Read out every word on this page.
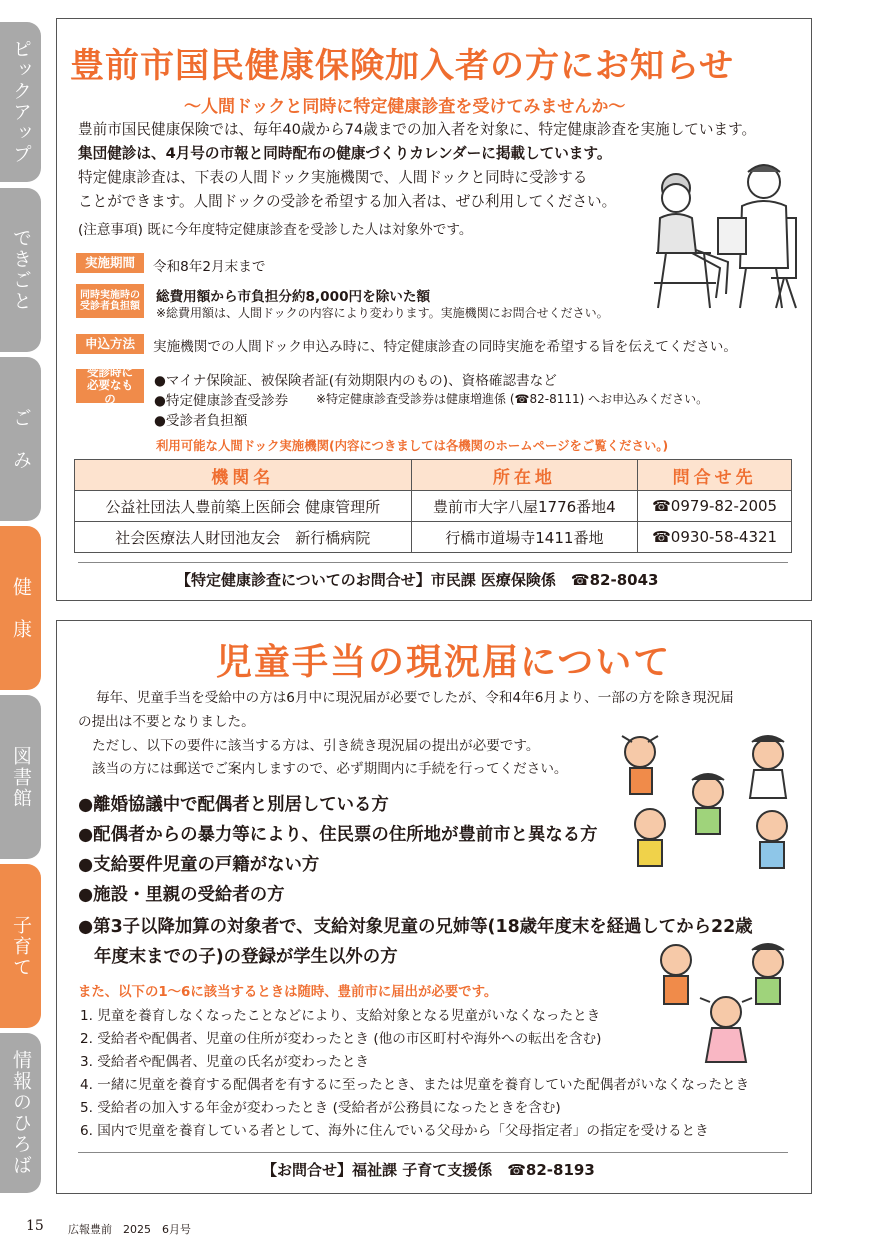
ピックアップ
できごと
ご　み
健　康
図書館
子育て
情報のひろば
豊前市国民健康保険加入者の方にお知らせ
～人間ドックと同時に特定健康診査を受けてみませんか～
豊前市国民健康保険では、毎年40歳から74歳までの加入者を対象に、特定健康診査を実施しています。
集団健診は、4月号の市報と同時配布の健康づくりカレンダーに掲載しています。
特定健康診査は、下表の人間ドック実施機関で、人間ドックと同時に受診する
ことができます。人間ドックの受診を希望する加入者は、ぜひ利用してください。
(注意事項) 既に今年度特定健康診査を受診した人は対象外です。
実施期間	令和8年2月末まで
同時実施時の受診者負担額
総費用額から市負担分約8,000円を除いた額
※総費用額は、人間ドックの内容により変わります。実施機関にお問合せください。
申込方法	実施機関での人間ドック申込み時に、特定健康診査の同時実施を希望する旨を伝えてください。
受診時に必要なもの
●マイナ保険証、被保険者証(有効期限内のもの)、資格確認書など
●特定健康診査受診券 ※特定健康診査受診券は健康増進係 (☎82-8111) へお申込みください。
●受診者負担額
利用可能な人間ドック実施機関(内容につきましては各機関のホームページをご覧ください。)
機関名	所在地	問合せ先
公益社団法人豊前築上医師会 健康管理所	豊前市大字八屋1776番地4	☎0979-82-2005
社会医療法人財団池友会　新行橋病院	行橋市道場寺1411番地	☎0930-58-4321
【特定健康診査についてのお問合せ】市民課 医療保険係　☎82-8043
児童手当の現況届について
毎年、児童手当を受給中の方は6月中に現況届が必要でしたが、令和4年6月より、一部の方を除き現況届
の提出は不要となりました。
ただし、以下の要件に該当する方は、引き続き現況届の提出が必要です。
該当の方には郵送でご案内しますので、必ず期間内に手続を行ってください。
●離婚協議中で配偶者と別居している方
●配偶者からの暴力等により、住民票の住所地が豊前市と異なる方
●支給要件児童の戸籍がない方
●施設・里親の受給者の方
●第3子以降加算の対象者で、支給対象児童の兄姉等(18歳年度末を経過してから22歳
年度末までの子)の登録が学生以外の方
また、以下の1～6に該当するときは随時、豊前市に届出が必要です。
1. 児童を養育しなくなったことなどにより、支給対象となる児童がいなくなったとき
2. 受給者や配偶者、児童の住所が変わったとき (他の市区町村や海外への転出を含む)
3. 受給者や配偶者、児童の氏名が変わったとき
4. 一緒に児童を養育する配偶者を有するに至ったとき、または児童を養育していた配偶者がいなくなったとき
5. 受給者の加入する年金が変わったとき (受給者が公務員になったときを含む)
6. 国内で児童を養育している者として、海外に住んでいる父母から「父母指定者」の指定を受けるとき
【お問合せ】福祉課 子育て支援係　☎82-8193
15 広報豊前　2025　6月号
